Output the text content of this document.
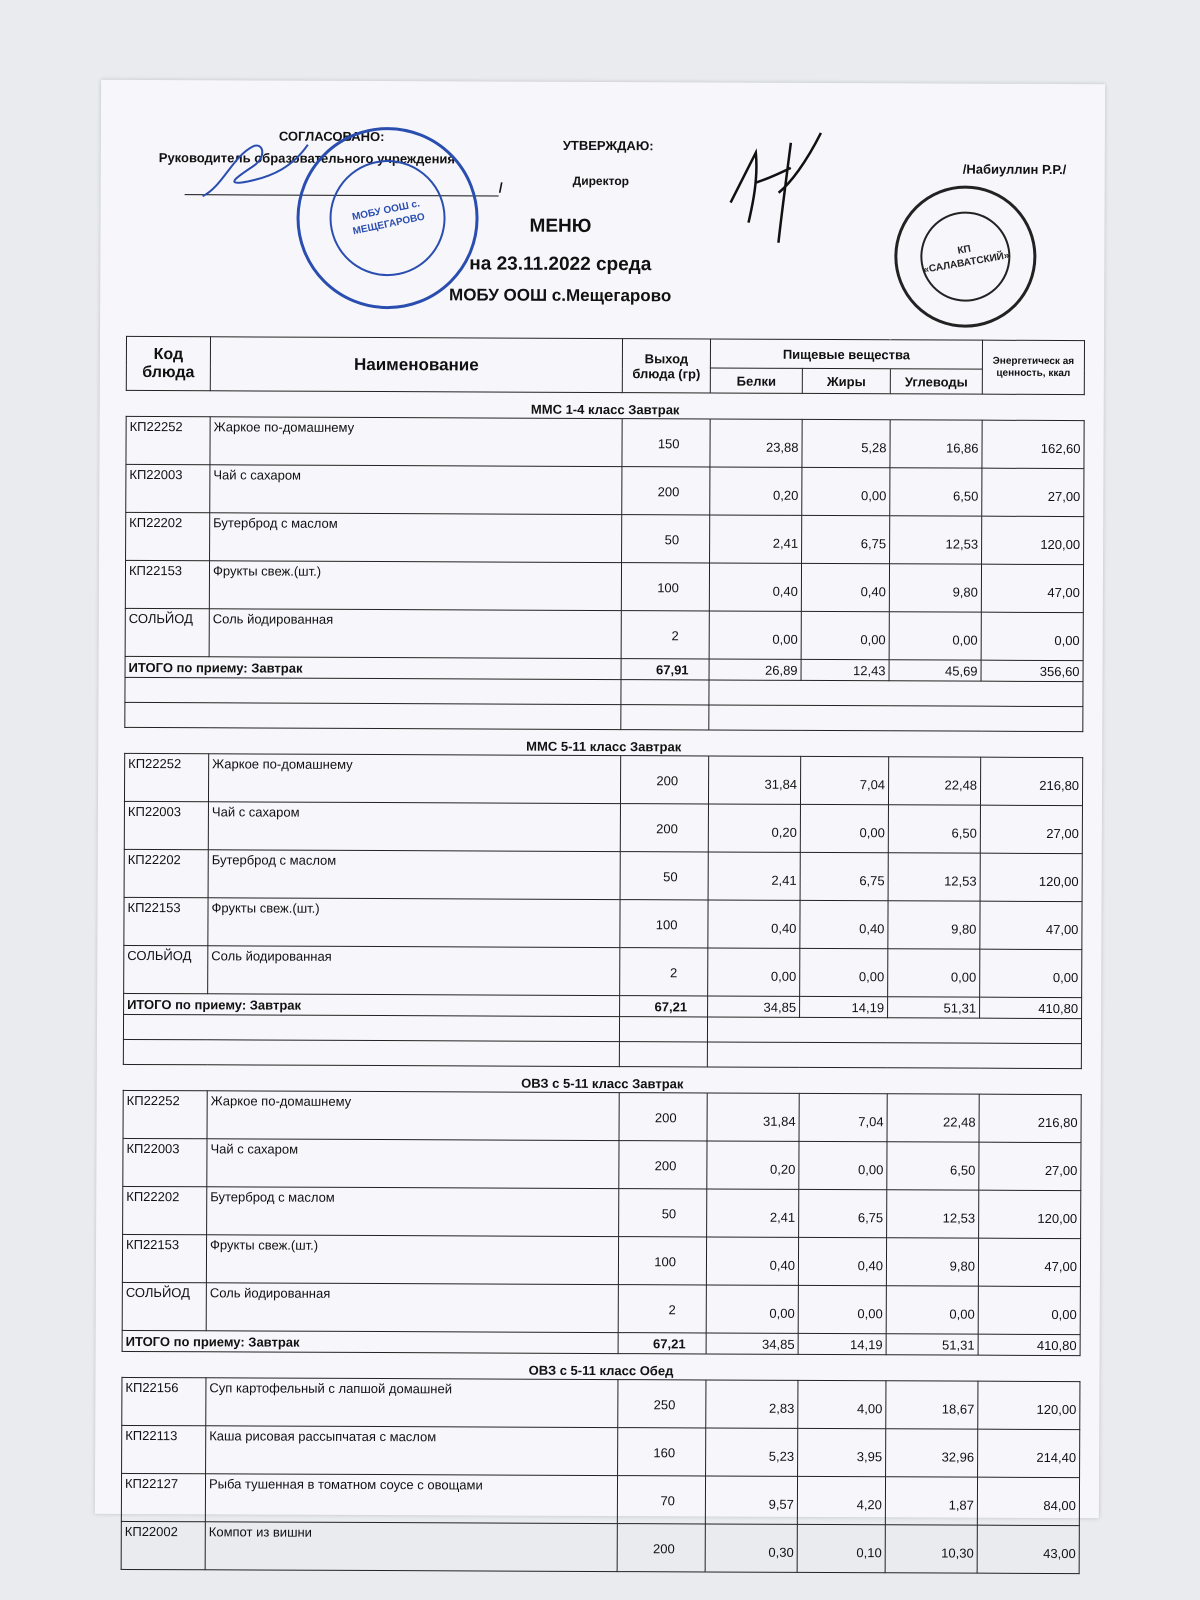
СОГЛАСОВАНО:
Руководитель образовательного учреждения
/
УТВЕРЖДАЮ:
Директор
/Набиуллин Р.Р./
МОБУ ООШ с. МЕЩЕГАРОВО
КП «САЛАВАТСКИЙ»
МЕНЮ
на 23.11.2022 среда
МОБУ ООШ с.Мещегарово
Код блюда	Наименование	Выход блюда (гр)	Пищевые вещества			Энергетическ ая ценность, ккал
			Белки	Жиры	Углеводы	
ММС 1-4 класс Завтрак						
КП22252	Жаркое по-домашнему	150	23,88	5,28	16,86	162,60
КП22003	Чай с сахаром	200	0,20	0,00	6,50	27,00
КП22202	Бутерброд с маслом	50	2,41	6,75	12,53	120,00
КП22153	Фрукты свеж.(шт.)	100	0,40	0,40	9,80	47,00
СОЛЬЙОД	Соль йодированная	2	0,00	0,00	0,00	0,00
ИТОГО по приему: Завтрак		67,91	26,89	12,43	45,69	356,60

ММС 5-11 класс Завтрак						
КП22252	Жаркое по-домашнему	200	31,84	7,04	22,48	216,80
КП22003	Чай с сахаром	200	0,20	0,00	6,50	27,00
КП22202	Бутерброд с маслом	50	2,41	6,75	12,53	120,00
КП22153	Фрукты свеж.(шт.)	100	0,40	0,40	9,80	47,00
СОЛЬЙОД	Соль йодированная	2	0,00	0,00	0,00	0,00
ИТОГО по приему: Завтрак		67,21	34,85	14,19	51,31	410,80

ОВЗ с 5-11 класс Завтрак						
КП22252	Жаркое по-домашнему	200	31,84	7,04	22,48	216,80
КП22003	Чай с сахаром	200	0,20	0,00	6,50	27,00
КП22202	Бутерброд с маслом	50	2,41	6,75	12,53	120,00
КП22153	Фрукты свеж.(шт.)	100	0,40	0,40	9,80	47,00
СОЛЬЙОД	Соль йодированная	2	0,00	0,00	0,00	0,00
ИТОГО по приему: Завтрак		67,21	34,85	14,19	51,31	410,80
ОВЗ с 5-11 класс Обед						
КП22156	Суп картофельный с лапшой домашней	250	2,83	4,00	18,67	120,00
КП22113	Каша рисовая рассыпчатая с маслом	160	5,23	3,95	32,96	214,40
КП22127	Рыба тушенная в томатном соусе с овощами	70	9,57	4,20	1,87	84,00
КП22002	Компот из вишни	200	0,30	0,10	10,30	43,00
